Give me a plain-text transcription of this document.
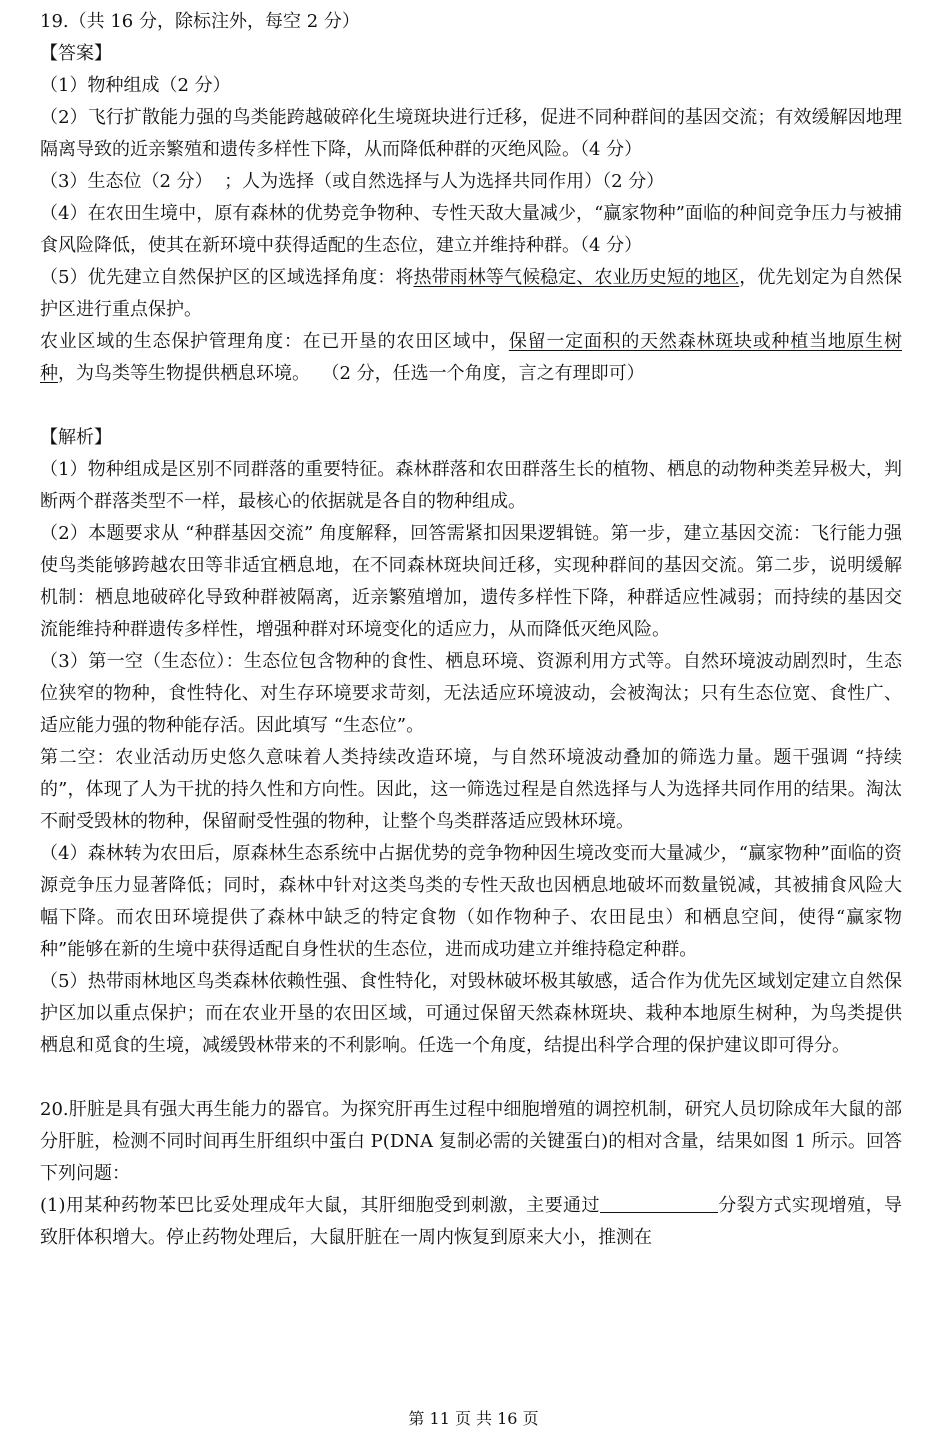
19.（共 16 分，除标注外，每空 2 分）

【答案】

（1）物种组成（2 分）

（2）飞行扩散能力强的鸟类能跨越破碎化生境斑块进行迁移，促进不同种群间的基因交流；有效缓解因地理隔离导致的近亲繁殖和遗传多样性下降，从而降低种群的灭绝风险。（4 分）

（3）生态位（2 分）  ；人为选择（或自然选择与人为选择共同作用）（2 分）

（4）在农田生境中，原有森林的优势竞争物种、专性天敌大量减少，“赢家物种”面临的种间竞争压力与被捕食风险降低，使其在新环境中获得适配的生态位，建立并维持种群。（4 分）

（5）优先建立自然保护区的区域选择角度：将热带雨林等气候稳定、农业历史短的地区，优先划定为自然保护区进行重点保护。

农业区域的生态保护管理角度：在已开垦的农田区域中，保留一定面积的天然森林斑块或种植当地原生树种，为鸟类等生物提供栖息环境。  （2 分，任选一个角度，言之有理即可）

【解析】

（1）物种组成是区别不同群落的重要特征。森林群落和农田群落生长的植物、栖息的动物种类差异极大，判断两个群落类型不一样，最核心的依据就是各自的物种组成。

（2）本题要求从 “种群基因交流” 角度解释，回答需紧扣因果逻辑链。第一步，建立基因交流：飞行能力强使鸟类能够跨越农田等非适宜栖息地，在不同森林斑块间迁移，实现种群间的基因交流。第二步，说明缓解机制：栖息地破碎化导致种群被隔离，近亲繁殖增加，遗传多样性下降，种群适应性减弱；而持续的基因交流能维持种群遗传多样性，增强种群对环境变化的适应力，从而降低灭绝风险。

（3）第一空（生态位）：生态位包含物种的食性、栖息环境、资源利用方式等。自然环境波动剧烈时，生态位狭窄的物种，食性特化、对生存环境要求苛刻，无法适应环境波动，会被淘汰；只有生态位宽、食性广、适应能力强的物种能存活。因此填写 “生态位”。

第二空：农业活动历史悠久意味着人类持续改造环境，与自然环境波动叠加的筛选力量。题干强调 “持续的”，体现了人为干扰的持久性和方向性。因此，这一筛选过程是自然选择与人为选择共同作用的结果。淘汰不耐受毁林的物种，保留耐受性强的物种，让整个鸟类群落适应毁林环境。

（4）森林转为农田后，原森林生态系统中占据优势的竞争物种因生境改变而大量减少，“赢家物种”面临的资源竞争压力显著降低；同时，森林中针对这类鸟类的专性天敌也因栖息地破坏而数量锐减，其被捕食风险大幅下降。而农田环境提供了森林中缺乏的特定食物（如作物种子、农田昆虫）和栖息空间，使得“赢家物种”能够在新的生境中获得适配自身性状的生态位，进而成功建立并维持稳定种群。

（5）热带雨林地区鸟类森林依赖性强、食性特化，对毁林破坏极其敏感，适合作为优先区域划定建立自然保护区加以重点保护；而在农业开垦的农田区域，可通过保留天然森林斑块、栽种本地原生树种，为鸟类提供栖息和觅食的生境，减缓毁林带来的不利影响。任选一个角度，结提出科学合理的保护建议即可得分。

20.肝脏是具有强大再生能力的器官。为探究肝再生过程中细胞增殖的调控机制，研究人员切除成年大鼠的部分肝脏，检测不同时间再生肝组织中蛋白 P(DNA 复制必需的关键蛋白)的相对含量，结果如图 1 所示。回答下列问题：

(1)用某种药物苯巴比妥处理成年大鼠，其肝细胞受到刺激，主要通过	分裂方式实现增殖，导致肝体积增大。停止药物处理后，大鼠肝脏在一周内恢复到原来大小，推测在

第 11 页 共 16 页
